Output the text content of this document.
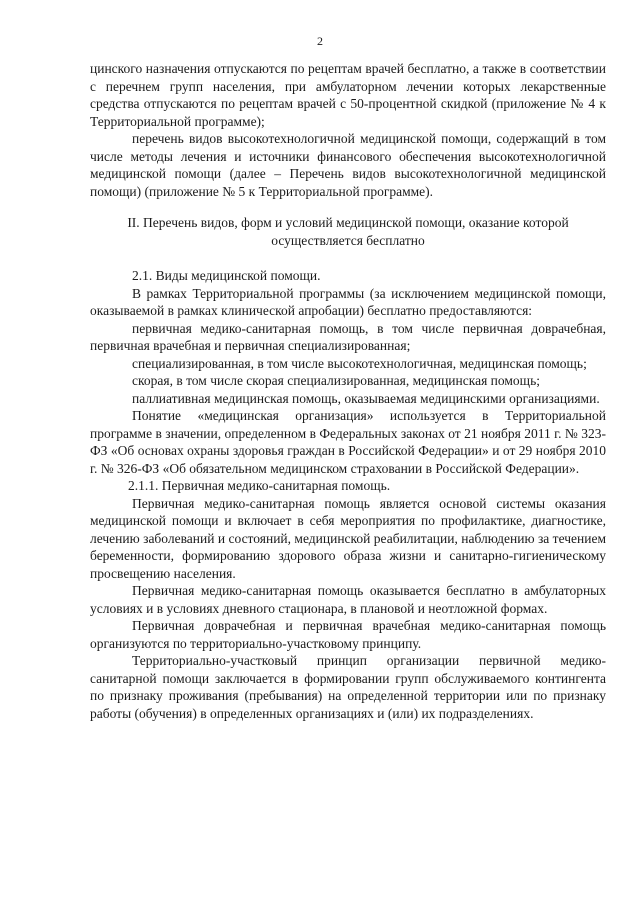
2

цинского назначения отпускаются по рецептам врачей бесплатно, а также в соответствии с перечнем групп населения, при амбулаторном лечении которых лекарственные средства отпускаются по рецептам врачей с 50-процентной скидкой (приложение № 4 к Территориальной программе);

перечень видов высокотехнологичной медицинской помощи, содержащий в том числе методы лечения и источники финансового обеспечения высокотехнологичной медицинской помощи (далее – Перечень видов высокотехнологичной медицинской помощи) (приложение № 5 к Территориальной программе).

II. Перечень видов, форм и условий медицинской помощи, оказание которой осуществляется бесплатно

2.1. Виды медицинской помощи.

В рамках Территориальной программы (за исключением медицинской помощи, оказываемой в рамках клинической апробации) бесплатно предоставляются:

первичная медико-санитарная помощь, в том числе первичная доврачебная, первичная врачебная и первичная специализированная;

специализированная, в том числе высокотехнологичная, медицинская помощь;

скорая, в том числе скорая специализированная, медицинская помощь;

паллиативная медицинская помощь, оказываемая медицинскими организациями.

Понятие «медицинская организация» используется в Территориальной программе в значении, определенном в Федеральных законах от 21 ноября 2011 г. № 323-ФЗ «Об основах охраны здоровья граждан в Российской Федерации» и от 29 ноября 2010 г. № 326-ФЗ «Об обязательном медицинском страховании в Российской Федерации».

2.1.1. Первичная медико-санитарная помощь.

Первичная медико-санитарная помощь является основой системы оказания медицинской помощи и включает в себя мероприятия по профилактике, диагностике, лечению заболеваний и состояний, медицинской реабилитации, наблюдению за течением беременности, формированию здорового образа жизни и санитарно-гигиеническому просвещению населения.

Первичная медико-санитарная помощь оказывается бесплатно в амбулаторных условиях и в условиях дневного стационара, в плановой и неотложной формах.

Первичная доврачебная и первичная врачебная медико-санитарная помощь организуются по территориально-участковому принципу.

Территориально-участковый принцип организации первичной медико-санитарной помощи заключается в формировании групп обслуживаемого контингента по признаку проживания (пребывания) на определенной территории или по признаку работы (обучения) в определенных организациях и (или) их подразделениях.
